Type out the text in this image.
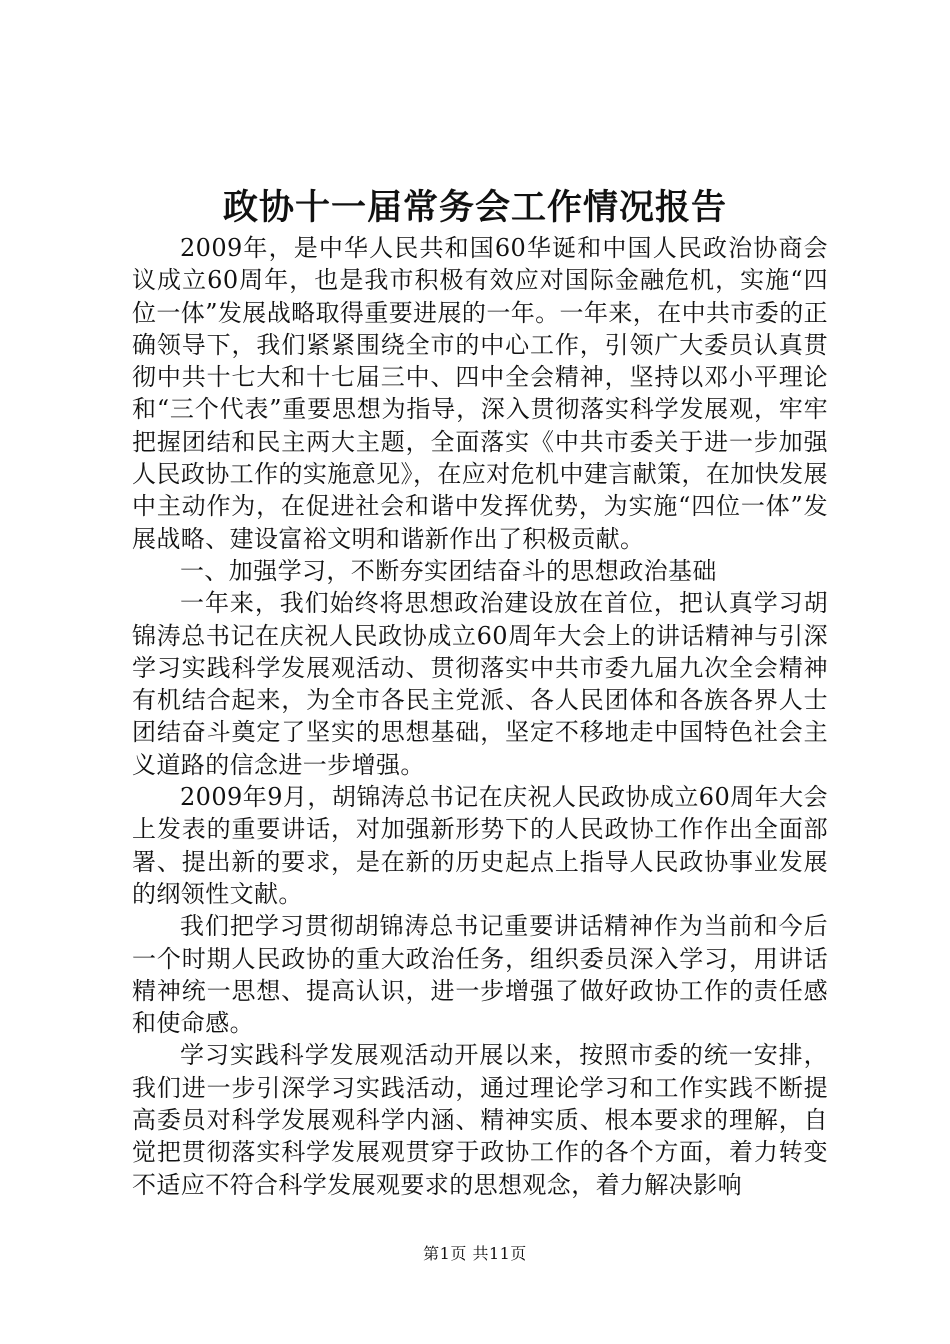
政协十一届常务会工作情况报告

2009年，是中华人民共和国60华诞和中国人民政治协商会议成立60周年，也是我市积极有效应对国际金融危机，实施“四位一体”发展战略取得重要进展的一年。一年来，在中共市委的正确领导下，我们紧紧围绕全市的中心工作，引领广大委员认真贯彻中共十七大和十七届三中、四中全会精神，坚持以邓小平理论和“三个代表”重要思想为指导，深入贯彻落实科学发展观，牢牢把握团结和民主两大主题，全面落实《中共市委关于进一步加强人民政协工作的实施意见》，在应对危机中建言献策，在加快发展中主动作为，在促进社会和谐中发挥优势，为实施“四位一体”发展战略、建设富裕文明和谐新作出了积极贡献。

一、加强学习，不断夯实团结奋斗的思想政治基础

一年来，我们始终将思想政治建设放在首位，把认真学习胡锦涛总书记在庆祝人民政协成立60周年大会上的讲话精神与引深学习实践科学发展观活动、贯彻落实中共市委九届九次全会精神有机结合起来，为全市各民主党派、各人民团体和各族各界人士团结奋斗奠定了坚实的思想基础，坚定不移地走中国特色社会主义道路的信念进一步增强。

2009年9月，胡锦涛总书记在庆祝人民政协成立60周年大会上发表的重要讲话，对加强新形势下的人民政协工作作出全面部署、提出新的要求，是在新的历史起点上指导人民政协事业发展的纲领性文献。

我们把学习贯彻胡锦涛总书记重要讲话精神作为当前和今后一个时期人民政协的重大政治任务，组织委员深入学习，用讲话精神统一思想、提高认识，进一步增强了做好政协工作的责任感和使命感。

学习实践科学发展观活动开展以来，按照市委的统一安排，我们进一步引深学习实践活动，通过理论学习和工作实践不断提高委员对科学发展观科学内涵、精神实质、根本要求的理解，自觉把贯彻落实科学发展观贯穿于政协工作的各个方面，着力转变不适应不符合科学发展观要求的思想观念，着力解决影响

第1页 共11页
